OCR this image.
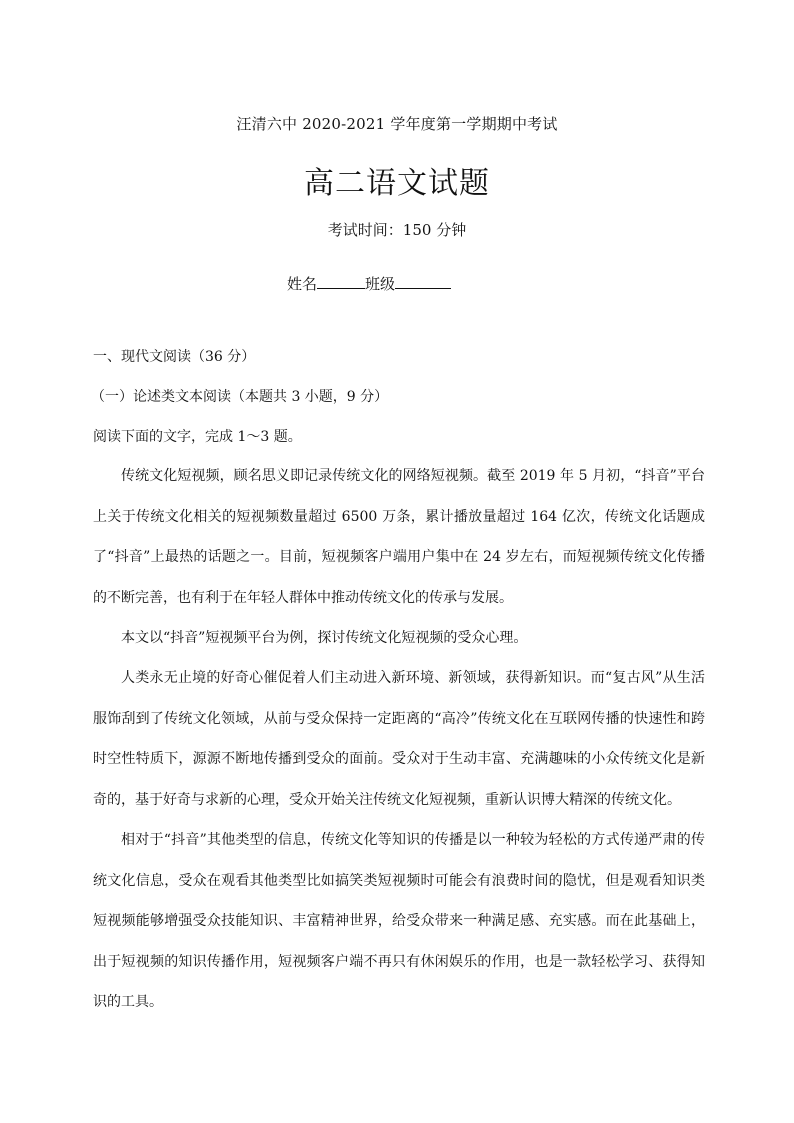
汪清六中 2020-2021 学年度第一学期期中考试
高二语文试题
考试时间：150 分钟
姓名	班级
一、现代文阅读（36 分）
（一）论述类文本阅读（本题共 3 小题，9 分）
阅读下面的文字，完成 1～3 题。
传统文化短视频，顾名思义即记录传统文化的网络短视频。截至 2019 年 5 月初，“抖音”平台上关于传统文化相关的短视频数量超过 6500 万条，累计播放量超过 164 亿次，传统文化话题成了“抖音”上最热的话题之一。目前，短视频客户端用户集中在 24 岁左右，而短视频传统文化传播的不断完善，也有利于在年轻人群体中推动传统文化的传承与发展。
本文以“抖音”短视频平台为例，探讨传统文化短视频的受众心理。
人类永无止境的好奇心催促着人们主动进入新环境、新领域，获得新知识。而“复古风”从生活服饰刮到了传统文化领域，从前与受众保持一定距离的“高冷”传统文化在互联网传播的快速性和跨时空性特质下，源源不断地传播到受众的面前。受众对于生动丰富、充满趣味的小众传统文化是新奇的，基于好奇与求新的心理，受众开始关注传统文化短视频，重新认识博大精深的传统文化。
相对于“抖音”其他类型的信息，传统文化等知识的传播是以一种较为轻松的方式传递严肃的传统文化信息，受众在观看其他类型比如搞笑类短视频时可能会有浪费时间的隐忧，但是观看知识类短视频能够增强受众技能知识、丰富精神世界，给受众带来一种满足感、充实感。而在此基础上，出于短视频的知识传播作用，短视频客户端不再只有休闲娱乐的作用，也是一款轻松学习、获得知识的工具。
